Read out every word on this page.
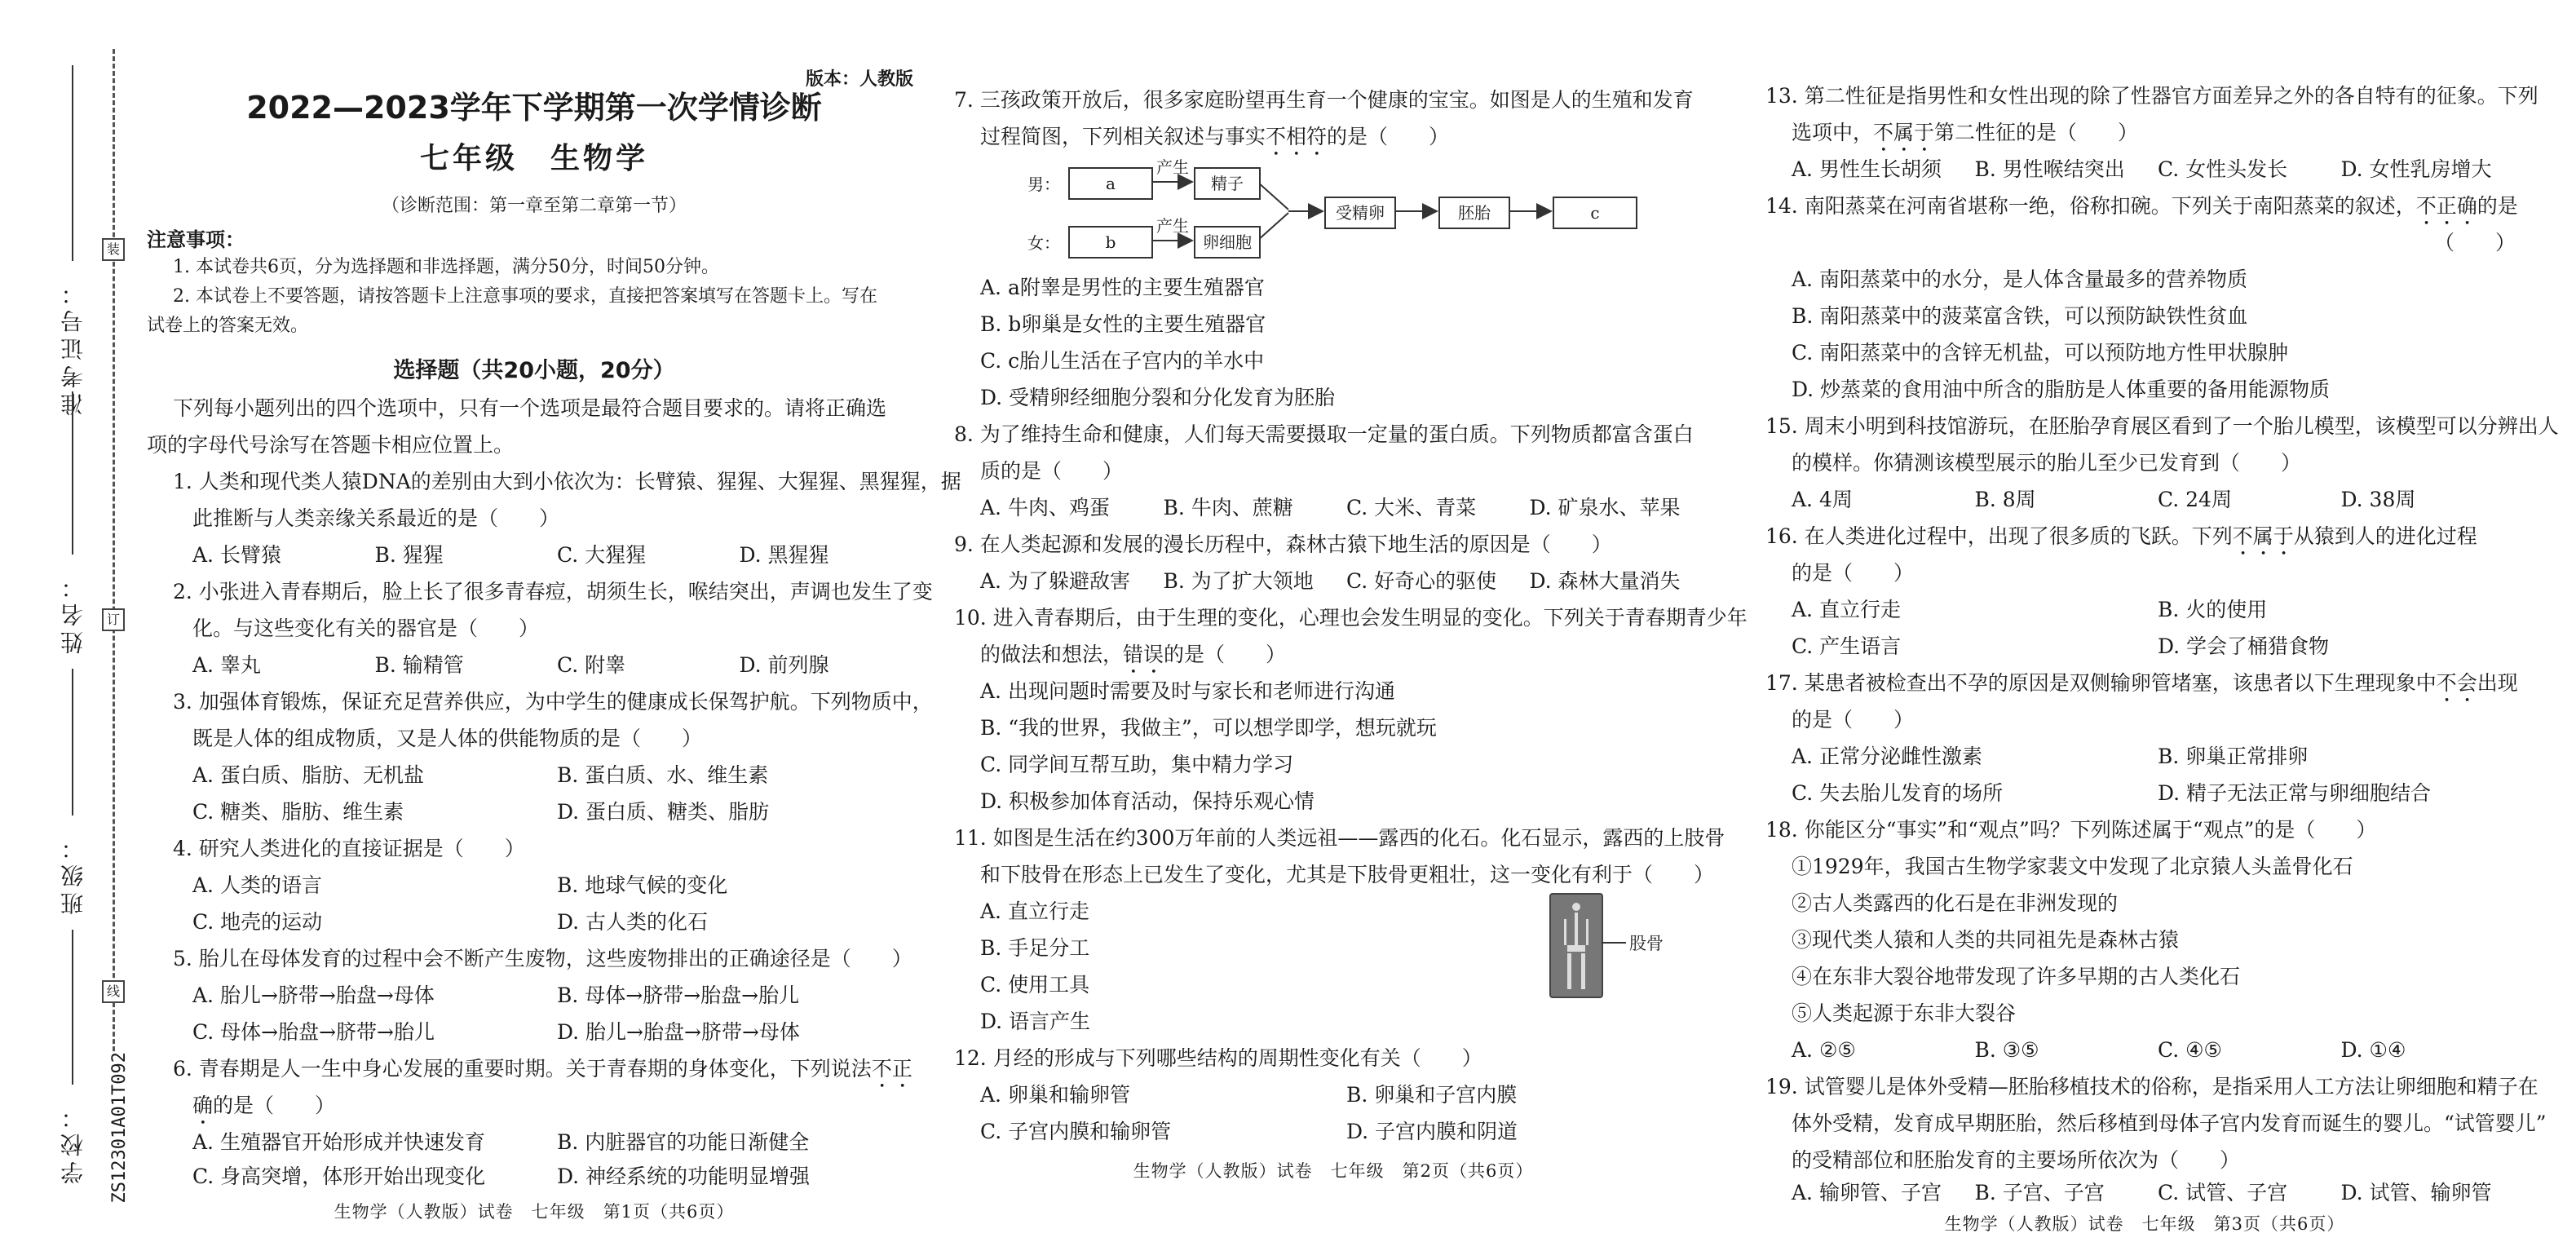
装
订
线
准考证号：
姓名：
班级：
学校： ZS12301A01T092
版本：人教版
2022—2023学年下学期第一次学情诊断
七年级　生物学
（诊断范围：第一章至第二章第一节）
注意事项：
1. 本试卷共6页，分为选择题和非选择题，满分50分，时间50分钟。
2. 本试卷上不要答题，请按答题卡上注意事项的要求，直接把答案填写在答题卡上。写在
试卷上的答案无效。
选择题（共20小题，20分）
下列每小题列出的四个选项中，只有一个选项是最符合题目要求的。请将正确选
项的字母代号涂写在答题卡相应位置上。
1. 人类和现代类人猿DNA的差别由大到小依次为：长臂猿、猩猩、大猩猩、黑猩猩，据
此推断与人类亲缘关系最近的是（　　）
A. 长臂猿	B. 猩猩	C. 大猩猩	D. 黑猩猩
2. 小张进入青春期后，脸上长了很多青春痘，胡须生长，喉结突出，声调也发生了变
化。与这些变化有关的器官是（　　）
A. 睾丸	B. 输精管	C. 附睾	D. 前列腺
3. 加强体育锻炼，保证充足营养供应，为中学生的健康成长保驾护航。下列物质中，
既是人体的组成物质，又是人体的供能物质的是（　　）
A. 蛋白质、脂肪、无机盐	B. 蛋白质、水、维生素
C. 糖类、脂肪、维生素	D. 蛋白质、糖类、脂肪
4. 研究人类进化的直接证据是（　　）
A. 人类的语言	B. 地球气候的变化
C. 地壳的运动	D. 古人类的化石
5. 胎儿在母体发育的过程中会不断产生废物，这些废物排出的正确途径是（　　）
A. 胎儿→脐带→胎盘→母体	B. 母体→脐带→胎盘→胎儿
C. 母体→胎盘→脐带→胎儿	D. 胎儿→胎盘→脐带→母体
6. 青春期是人一生中身心发展的重要时期。关于青春期的身体变化，下列说法不正
确的是（　　）
A. 生殖器官开始形成并快速发育	B. 内脏器官的功能日渐健全
C. 身高突增，体形开始出现变化	D. 神经系统的功能明显增强
生物学（人教版）试卷　七年级　第1页（共6页）
7. 三孩政策开放后，很多家庭盼望再生育一个健康的宝宝。如图是人的生殖和发育
过程简图，下列相关叙述与事实不相符的是（　　）
男：
女：
a
b
产生
产生
精子
卵细胞
受精卵	胚胎	c
A. a附睾是男性的主要生殖器官
B. b卵巢是女性的主要生殖器官
C. c胎儿生活在子宫内的羊水中
D. 受精卵经细胞分裂和分化发育为胚胎
8. 为了维持生命和健康，人们每天需要摄取一定量的蛋白质。下列物质都富含蛋白
质的是（　　）
A. 牛肉、鸡蛋	B. 牛肉、蔗糖	C. 大米、青菜	D. 矿泉水、苹果
9. 在人类起源和发展的漫长历程中，森林古猿下地生活的原因是（　　）
A. 为了躲避敌害	B. 为了扩大领地	C. 好奇心的驱使	D. 森林大量消失
10. 进入青春期后，由于生理的变化，心理也会发生明显的变化。下列关于青春期青少年
的做法和想法，错误的是（　　）
A. 出现问题时需要及时与家长和老师进行沟通
B. “我的世界，我做主”，可以想学即学，想玩就玩
C. 同学间互帮互助，集中精力学习
D. 积极参加体育活动，保持乐观心情
11. 如图是生活在约300万年前的人类远祖——露西的化石。化石显示，露西的上肢骨
和下肢骨在形态上已发生了变化，尤其是下肢骨更粗壮，这一变化有利于（　　）
A. 直立行走
B. 手足分工
C. 使用工具
D. 语言产生
股骨
12. 月经的形成与下列哪些结构的周期性变化有关（　　）
A. 卵巢和输卵管	B. 卵巢和子宫内膜
C. 子宫内膜和输卵管	D. 子宫内膜和阴道
生物学（人教版）试卷　七年级　第2页（共6页）
13. 第二性征是指男性和女性出现的除了性器官方面差异之外的各自特有的征象。下列
选项中，不属于第二性征的是（　　）
A. 男性生长胡须	B. 男性喉结突出	C. 女性头发长	D. 女性乳房增大
14. 南阳蒸菜在河南省堪称一绝，俗称扣碗。下列关于南阳蒸菜的叙述，不正确的是
（　　）
A. 南阳蒸菜中的水分，是人体含量最多的营养物质
B. 南阳蒸菜中的菠菜富含铁，可以预防缺铁性贫血
C. 南阳蒸菜中的含锌无机盐，可以预防地方性甲状腺肿
D. 炒蒸菜的食用油中所含的脂肪是人体重要的备用能源物质
15. 周末小明到科技馆游玩，在胚胎孕育展区看到了一个胎儿模型，该模型可以分辨出人
的模样。你猜测该模型展示的胎儿至少已发育到（　　）
A. 4周	B. 8周	C. 24周	D. 38周
16. 在人类进化过程中，出现了很多质的飞跃。下列不属于从猿到人的进化过程
的是（　　）
A. 直立行走	B. 火的使用
C. 产生语言	D. 学会了桶猎食物
17. 某患者被检查出不孕的原因是双侧输卵管堵塞，该患者以下生理现象中不会出现
的是（　　）
A. 正常分泌雌性激素	B. 卵巢正常排卵
C. 失去胎儿发育的场所	D. 精子无法正常与卵细胞结合
18. 你能区分“事实”和“观点”吗？下列陈述属于“观点”的是（　　）
①1929年，我国古生物学家裴文中发现了北京猿人头盖骨化石
②古人类露西的化石是在非洲发现的
③现代类人猿和人类的共同祖先是森林古猿
④在东非大裂谷地带发现了许多早期的古人类化石
⑤人类起源于东非大裂谷
A. ②⑤	B. ③⑤	C. ④⑤	D. ①④
19. 试管婴儿是体外受精—胚胎移植技术的俗称，是指采用人工方法让卵细胞和精子在
体外受精，发育成早期胚胎，然后移植到母体子宫内发育而诞生的婴儿。“试管婴儿”
的受精部位和胚胎发育的主要场所依次为（　　）
A. 输卵管、子宫	B. 子宫、子宫	C. 试管、子宫	D. 试管、输卵管
生物学（人教版）试卷　七年级　第3页（共6页）
